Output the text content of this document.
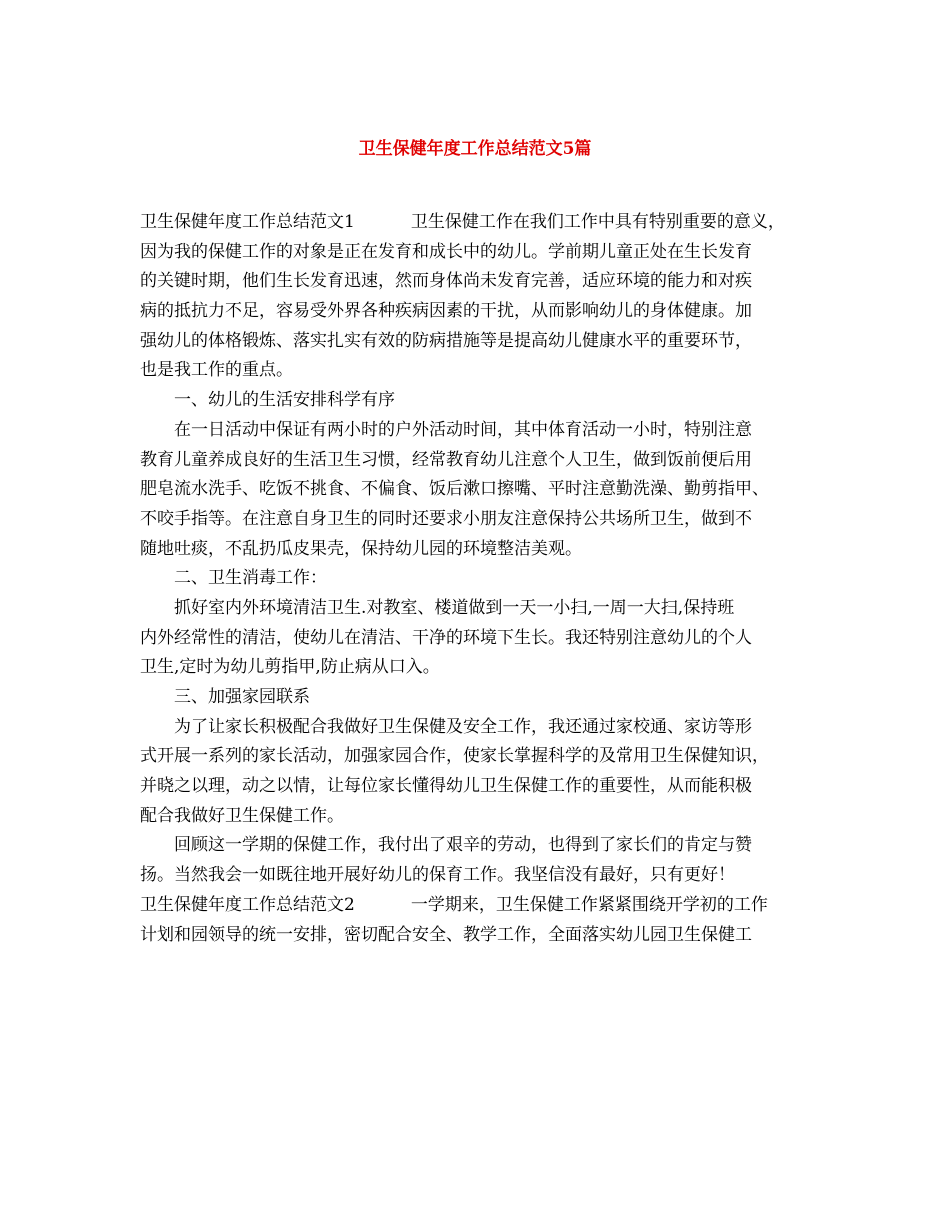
卫生保健年度工作总结范文5篇
卫生保健年度工作总结范文1	卫生保健工作在我们工作中具有特别重要的意义，
因为我的保健工作的对象是正在发育和成长中的幼儿。学前期儿童正处在生长发育
的关键时期，他们生长发育迅速，然而身体尚未发育完善，适应环境的能力和对疾
病的抵抗力不足，容易受外界各种疾病因素的干扰，从而影响幼儿的身体健康。加
强幼儿的体格锻炼、落实扎实有效的防病措施等是提高幼儿健康水平的重要环节，
也是我工作的重点。
一、幼儿的生活安排科学有序
在一日活动中保证有两小时的户外活动时间，其中体育活动一小时，特别注意
教育儿童养成良好的生活卫生习惯，经常教育幼儿注意个人卫生，做到饭前便后用
肥皂流水洗手、吃饭不挑食、不偏食、饭后漱口擦嘴、平时注意勤洗澡、勤剪指甲、
不咬手指等。在注意自身卫生的同时还要求小朋友注意保持公共场所卫生，做到不
随地吐痰，不乱扔瓜皮果壳，保持幼儿园的环境整洁美观。
二、卫生消毒工作：
抓好室内外环境清洁卫生.对教室、楼道做到一天一小扫,一周一大扫,保持班
内外经常性的清洁，使幼儿在清洁、干净的环境下生长。我还特别注意幼儿的个人
卫生,定时为幼儿剪指甲,防止病从口入。
三、加强家园联系
为了让家长积极配合我做好卫生保健及安全工作，我还通过家校通、家访等形
式开展一系列的家长活动，加强家园合作，使家长掌握科学的及常用卫生保健知识，
并晓之以理，动之以情，让每位家长懂得幼儿卫生保健工作的重要性，从而能积极
配合我做好卫生保健工作。
回顾这一学期的保健工作，我付出了艰辛的劳动，也得到了家长们的肯定与赞
扬。当然我会一如既往地开展好幼儿的保育工作。我坚信没有最好，只有更好！
卫生保健年度工作总结范文2	一学期来，卫生保健工作紧紧围绕开学初的工作
计划和园领导的统一安排，密切配合安全、教学工作，全面落实幼儿园卫生保健工
